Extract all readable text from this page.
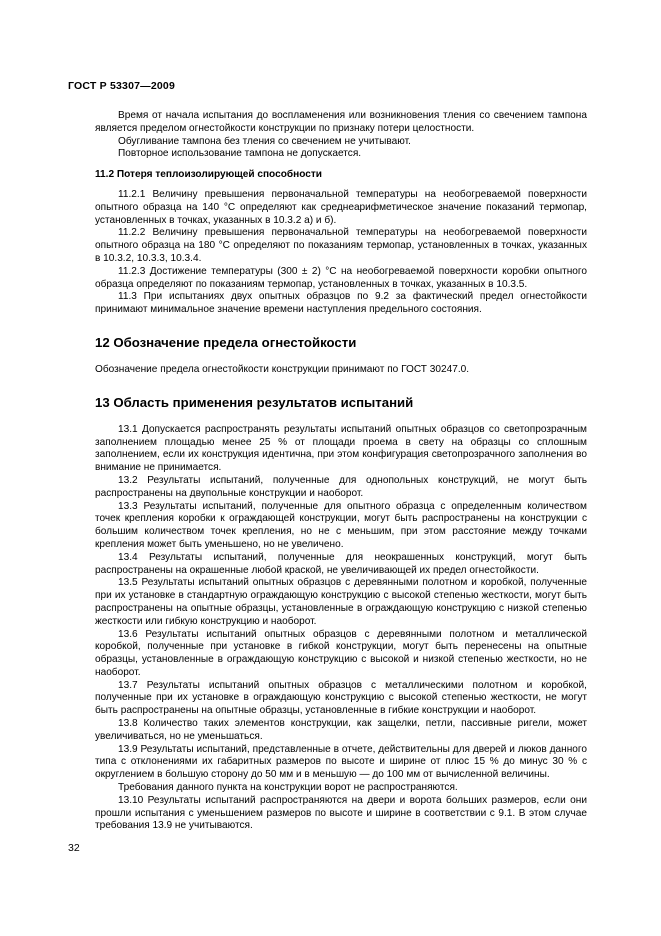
ГОСТ Р 53307—2009

Время от начала испытания до воспламенения или возникновения тления со свечением тампона является пределом огнестойкости конструкции по признаку потери целостности.

Обугливание тампона без тления со свечением не учитывают.

Повторное использование тампона не допускается.

11.2 Потеря теплоизолирующей способности

11.2.1 Величину превышения первоначальной температуры на необогреваемой поверхности опытного образца на 140 °С определяют как среднеарифметическое значение показаний термопар, установленных в точках, указанных в 10.3.2 а) и б).

11.2.2 Величину превышения первоначальной температуры на необогреваемой поверхности опытного образца на 180 °С определяют по показаниям термопар, установленных в точках, указанных в 10.3.2, 10.3.3, 10.3.4.

11.2.3 Достижение температуры (300 ± 2) °С на необогреваемой поверхности коробки опытного образца определяют по показаниям термопар, установленных в точках, указанных в 10.3.5.

11.3 При испытаниях двух опытных образцов по 9.2 за фактический предел огнестойкости принимают минимальное значение времени наступления предельного состояния.

12 Обозначение предела огнестойкости

Обозначение предела огнестойкости конструкции принимают по ГОСТ 30247.0.

13 Область применения результатов испытаний

13.1 Допускается распространять результаты испытаний опытных образцов со светопрозрачным заполнением площадью менее 25 % от площади проема в свету на образцы со сплошным заполнением, если их конструкция идентична, при этом конфигурация светопрозрачного заполнения во внимание не принимается.

13.2 Результаты испытаний, полученные для однопольных конструкций, не могут быть распространены на двупольные конструкции и наоборот.

13.3 Результаты испытаний, полученные для опытного образца с определенным количеством точек крепления коробки к ограждающей конструкции, могут быть распространены на конструкции с большим количеством точек крепления, но не с меньшим, при этом расстояние между точками крепления может быть уменьшено, но не увеличено.

13.4 Результаты испытаний, полученные для неокрашенных конструкций, могут быть распространены на окрашенные любой краской, не увеличивающей их предел огнестойкости.

13.5 Результаты испытаний опытных образцов с деревянными полотном и коробкой, полученные при их установке в стандартную ограждающую конструкцию с высокой степенью жесткости, могут быть распространены на опытные образцы, установленные в ограждающую конструкцию с низкой степенью жесткости или гибкую конструкцию и наоборот.

13.6 Результаты испытаний опытных образцов с деревянными полотном и металлической коробкой, полученные при установке в гибкой конструкции, могут быть перенесены на опытные образцы, установленные в ограждающую конструкцию с высокой и низкой степенью жесткости, но не наоборот.

13.7 Результаты испытаний опытных образцов с металлическими полотном и коробкой, полученные при их установке в ограждающую конструкцию с высокой степенью жесткости, не могут быть распространены на опытные образцы, установленные в гибкие конструкции и наоборот.

13.8 Количество таких элементов конструкции, как защелки, петли, пассивные ригели, может увеличиваться, но не уменьшаться.

13.9 Результаты испытаний, представленные в отчете, действительны для дверей и люков данного типа с отклонениями их габаритных размеров по высоте и ширине от плюс 15 % до минус 30 % с округлением в большую сторону до 50 мм и в меньшую — до 100 мм от вычисленной величины.

Требования данного пункта на конструкции ворот не распространяются.

13.10 Результаты испытаний распространяются на двери и ворота больших размеров, если они прошли испытания с уменьшением размеров по высоте и ширине в соответствии с 9.1. В этом случае требования 13.9 не учитываются.

32
